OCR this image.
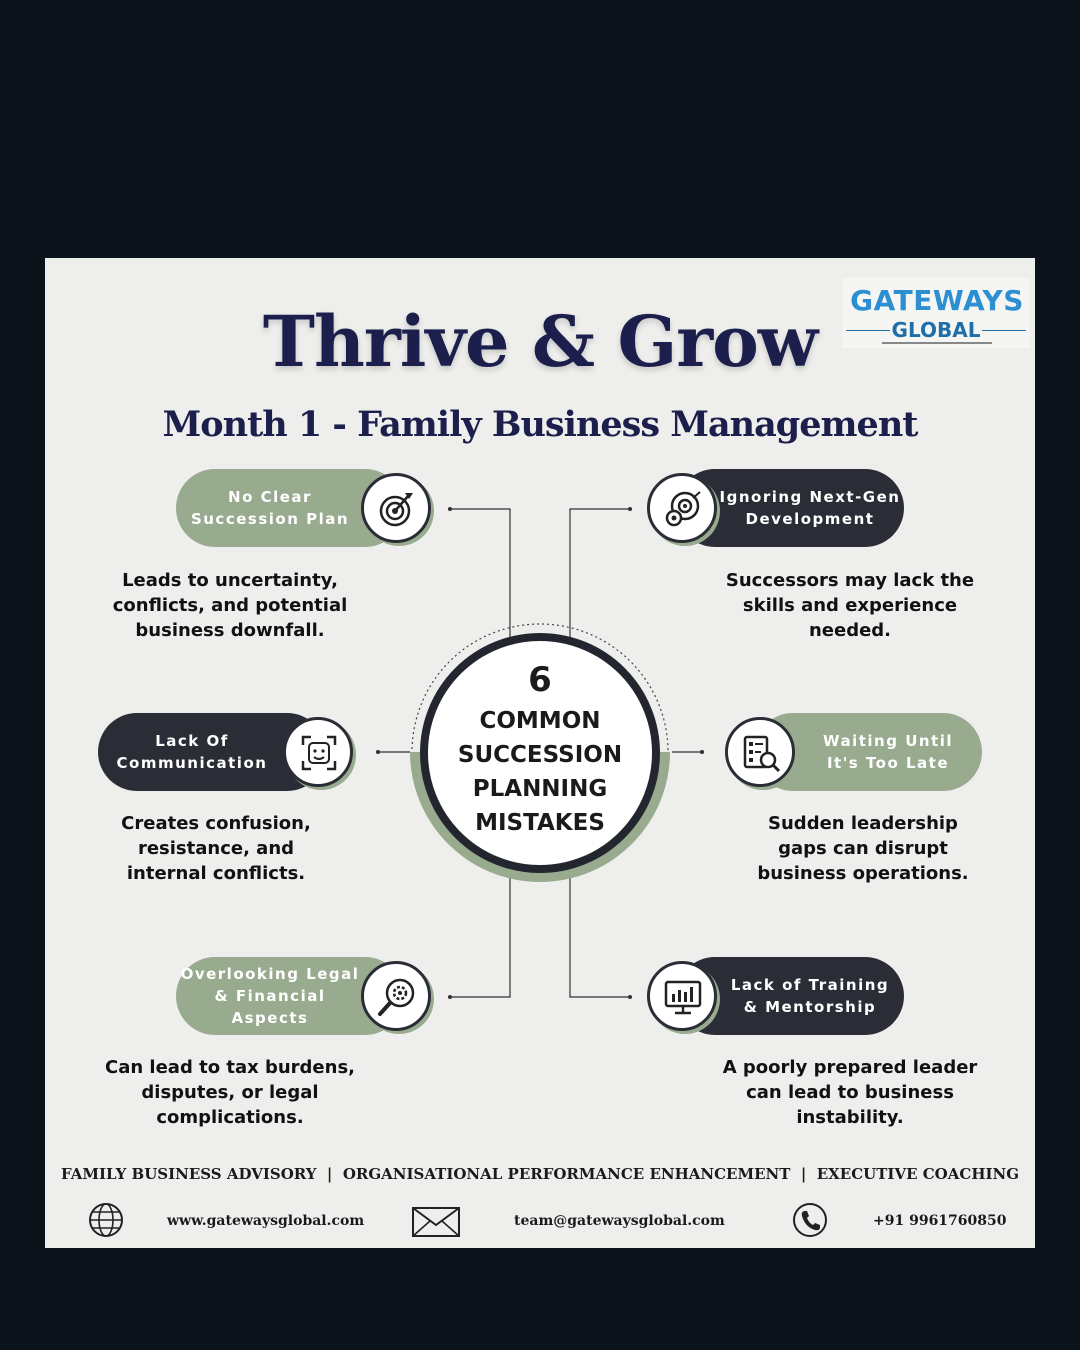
GATEWAYS
GLOBAL
Thrive & Grow
Month 1 - Family Business Management
6
COMMON
SUCCESSION
PLANNING
MISTAKES
No Clear
Succession Plan
Leads to uncertainty,
conflicts, and potential
business downfall.
Ignoring Next-Gen
Development
Successors may lack the
skills and experience
needed.
Lack Of
Communication
Creates confusion,
resistance, and
internal conflicts.
Waiting Until
It's Too Late
Sudden leadership
gaps can disrupt
business operations.
Overlooking Legal
& Financial
Aspects
Can lead to tax burdens,
disputes, or legal
complications.
Lack of Training
& Mentorship
A poorly prepared leader
can lead to business
instability.
FAMILY BUSINESS ADVISORY  |  ORGANISATIONAL PERFORMANCE ENHANCEMENT  |  EXECUTIVE COACHING
www.gatewaysglobal.com	team@gatewaysglobal.com	+91 9961760850
